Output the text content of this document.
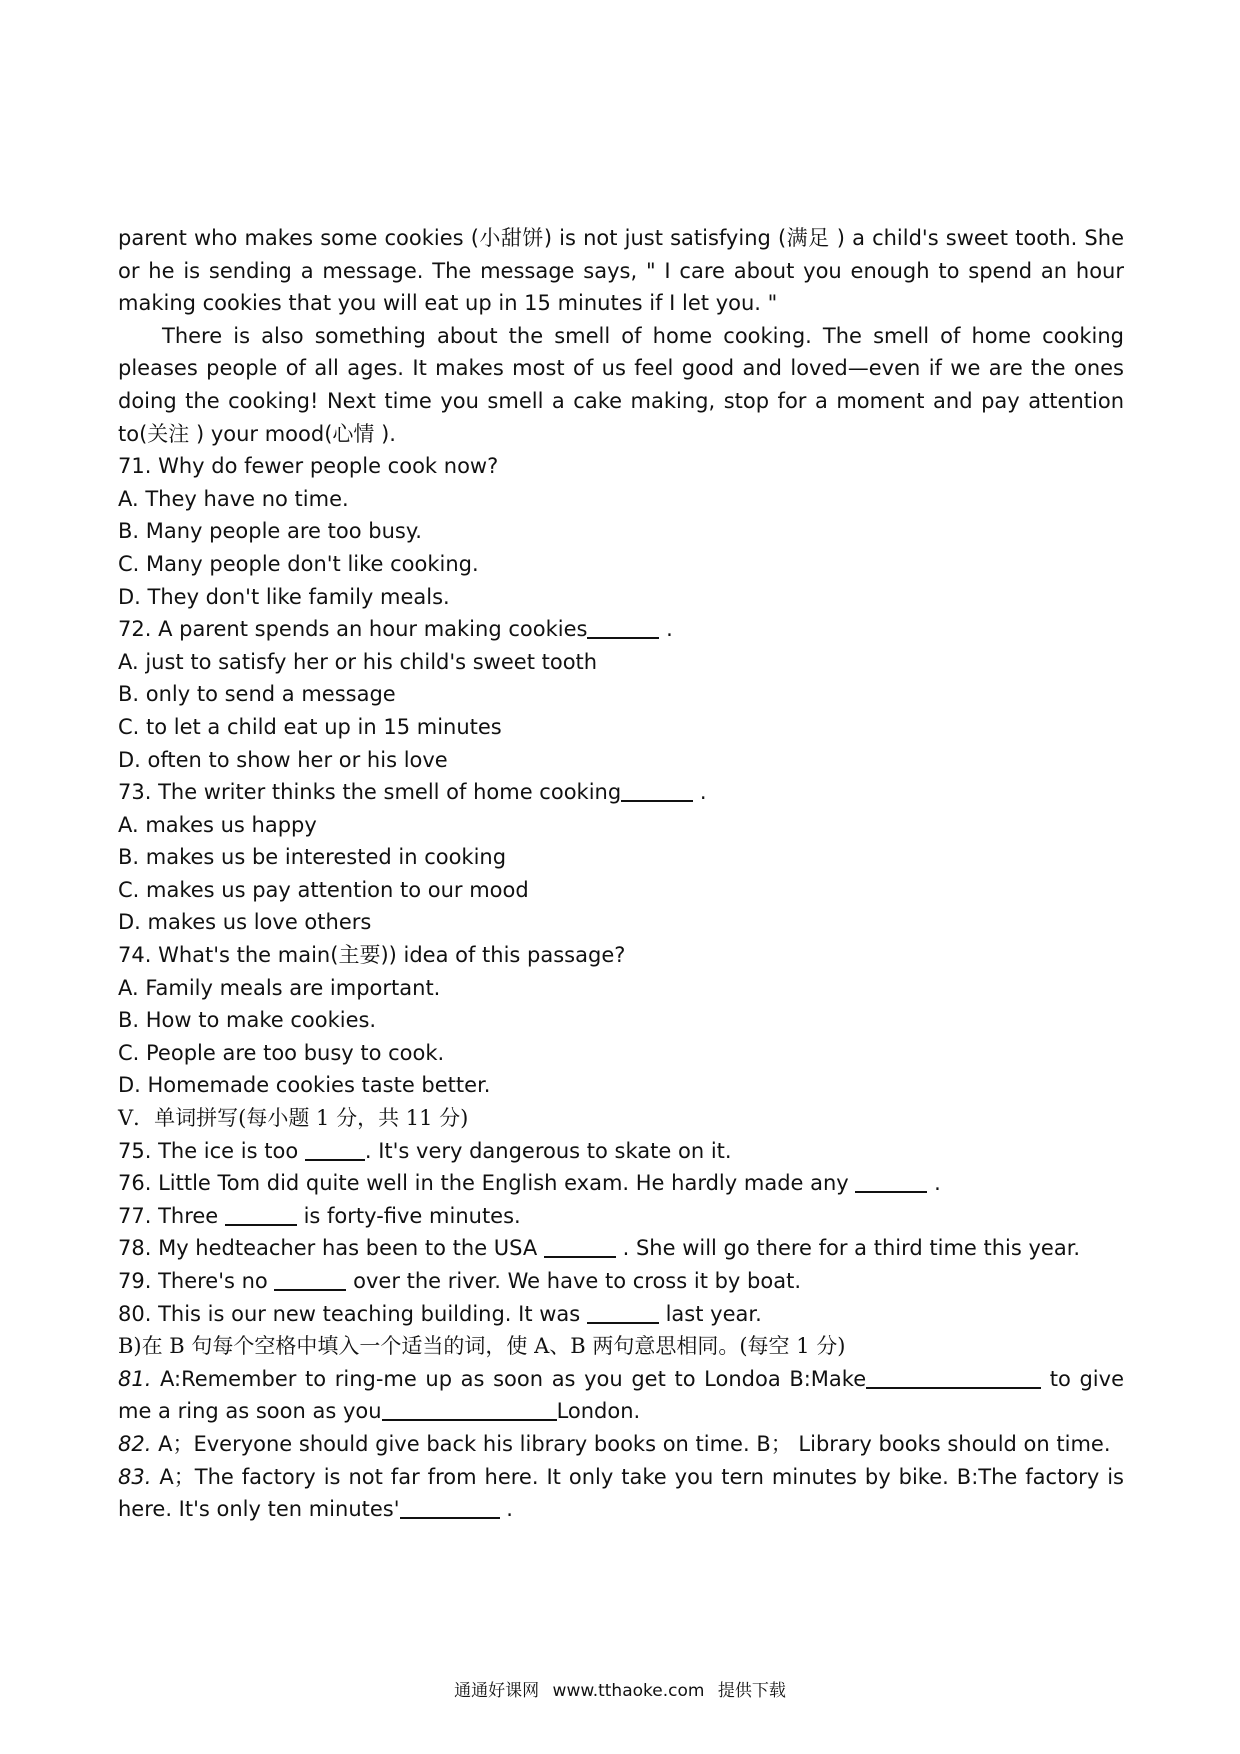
parent who makes some cookies (小甜饼) is not just satisfying (满足 ) a child's sweet tooth. She or he is sending a message. The message says, " I care about you enough to spend an hour making cookies that you will eat up in 15 minutes if I let you. "

There is also something about the smell of home cooking. The smell of home cooking pleases people of all ages. It makes most of us feel good and loved—even if we are the ones doing the cooking! Next time you smell a cake making, stop for a moment and pay attention to(关注 ) your mood(心情 ).

71. Why do fewer people cook now?

A. They have no time.

B. Many people are too busy.

C. Many people don't like cooking.

D. They don't like family meals.

72. A parent spends an hour making cookies	.

A. just to satisfy her or his child's sweet tooth

B. only to send a message

C. to let a child eat up in 15 minutes

D. often to show her or his love

73. The writer thinks the smell of home cooking	.

A. makes us happy

B. makes us be interested in cooking

C. makes us pay attention to our mood

D. makes us love others

74. What's the main(主要)) idea of this passage?

A. Family meals are important.

B. How to make cookies.

C. People are too busy to cook.

D. Homemade cookies taste better.

V．单词拼写(每小题 1 分，共 11 分)

75. The ice is too	. It's very dangerous to skate on it.

76. Little Tom did quite well in the English exam. He hardly made any	.

77. Three	is forty-five minutes.

78. My hedteacher has been to the USA	. She will go there for a third time this year.

79. There's no	over the river. We have to cross it by boat.

80. This is our new teaching building. It was	last year.

B)在 B 句每个空格中填入一个适当的词，使 A、B 两句意思相同。(每空 1 分)

81. A:Remember to ring-me up as soon as you get to Londoa B:Make	to give me a ring as soon as you	London.

82. A；Everyone should give back his library books on time. B； Library books should on time.

83. A；The factory is not far from here. It only take you tern minutes by bike. B:The factory is here. It's only ten minutes'	.

通通好课网 www.tthaoke.com 提供下载
